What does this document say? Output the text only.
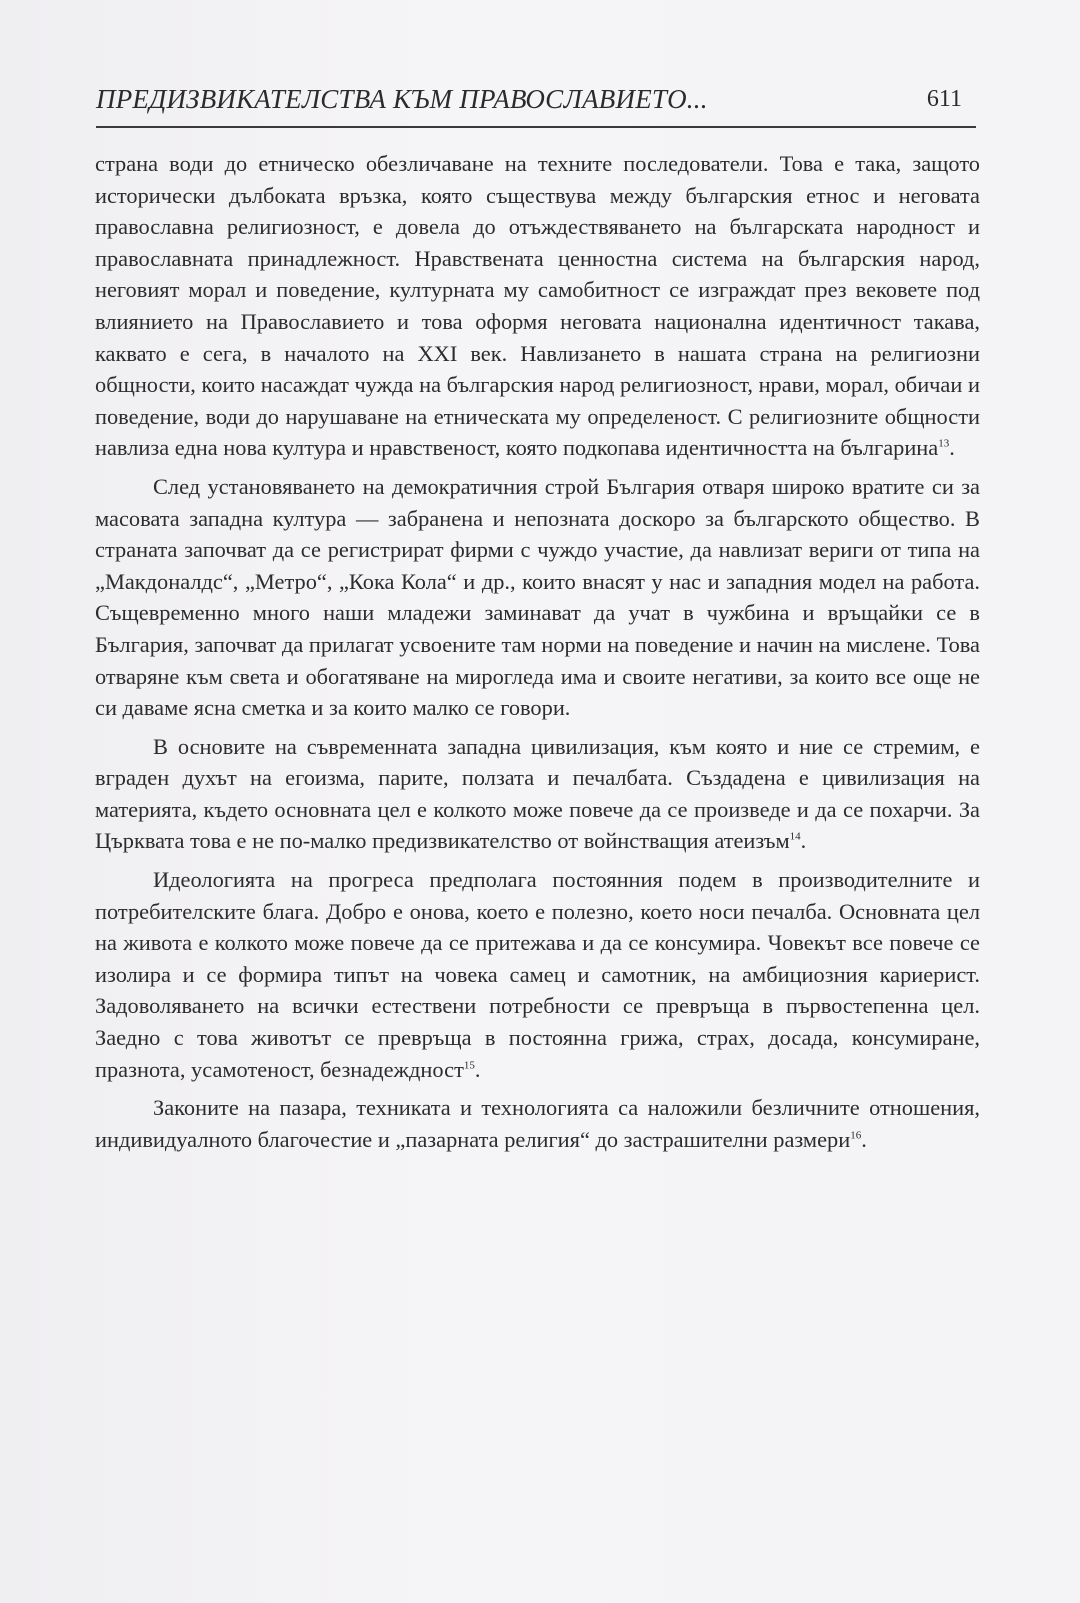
ПРЕДИЗВИКАТЕЛСТВА КЪМ ПРАВОСЛАВИЕТО...	611

страна води до етническо обезличаване на техните последователи. Това е така, защото исторически дълбоката връзка, която съществува между българския етнос и неговата православна религиозност, е довела до отъждествяването на българската народност и православната принадлежност. Нравствената ценностна система на българския народ, неговият морал и поведение, културната му самобитност се изграждат през вековете под влиянието на Православието и това оформя неговата национална идентичност такава, каквато е сега, в началото на XXI век. Навлизането в нашата страна на религиозни общности, които насаждат чужда на българския народ религиозност, нрави, морал, обичаи и поведение, води до нарушаване на етническата му определеност. С религиозните общности навлиза една нова култура и нравственост, която подкопава идентичността на българина$^{13}$.

След установяването на демократичния строй България отваря широко вратите си за масовата западна култура — забранена и непозната доскоро за българското общество. В страната започват да се регистрират фирми с чуждо участие, да навлизат вериги от типа на „Макдоналдс“, „Метро“, „Кока Кола“ и др., които внасят у нас и западния модел на работа. Същевременно много наши младежи заминават да учат в чужбина и връщайки се в България, започват да прилагат усвоените там норми на поведение и начин на мислене. Това отваряне към света и обогатяване на мирогледа има и своите негативи, за които все още не си даваме ясна сметка и за които малко се говори.

В основите на съвременната западна цивилизация, към която и ние се стремим, е вграден духът на егоизма, парите, ползата и печалбата. Създадена е цивилизация на материята, където основната цел е колкото може повече да се произведе и да се похарчи. За Църквата това е не по-малко предизвикателство от войнстващия атеизъм$^{14}$.

Идеологията на прогреса предполага постоянния подем в производителните и потребителските блага. Добро е онова, което е полезно, което носи печалба. Основната цел на живота е колкото може повече да се притежава и да се консумира. Човекът все повече се изолира и се формира типът на човека самец и самотник, на амбициозния кариерист. Задоволяването на всички естествени потребности се превръща в първостепенна цел. Заедно с това животът се превръща в постоянна грижа, страх, досада, консумиране, празнота, усамотеност, безнадеждност$^{15}$.

Законите на пазара, техниката и технологията са наложили безличните отношения, индивидуалното благочестие и „пазарната религия“ до застрашителни размери$^{16}$.
